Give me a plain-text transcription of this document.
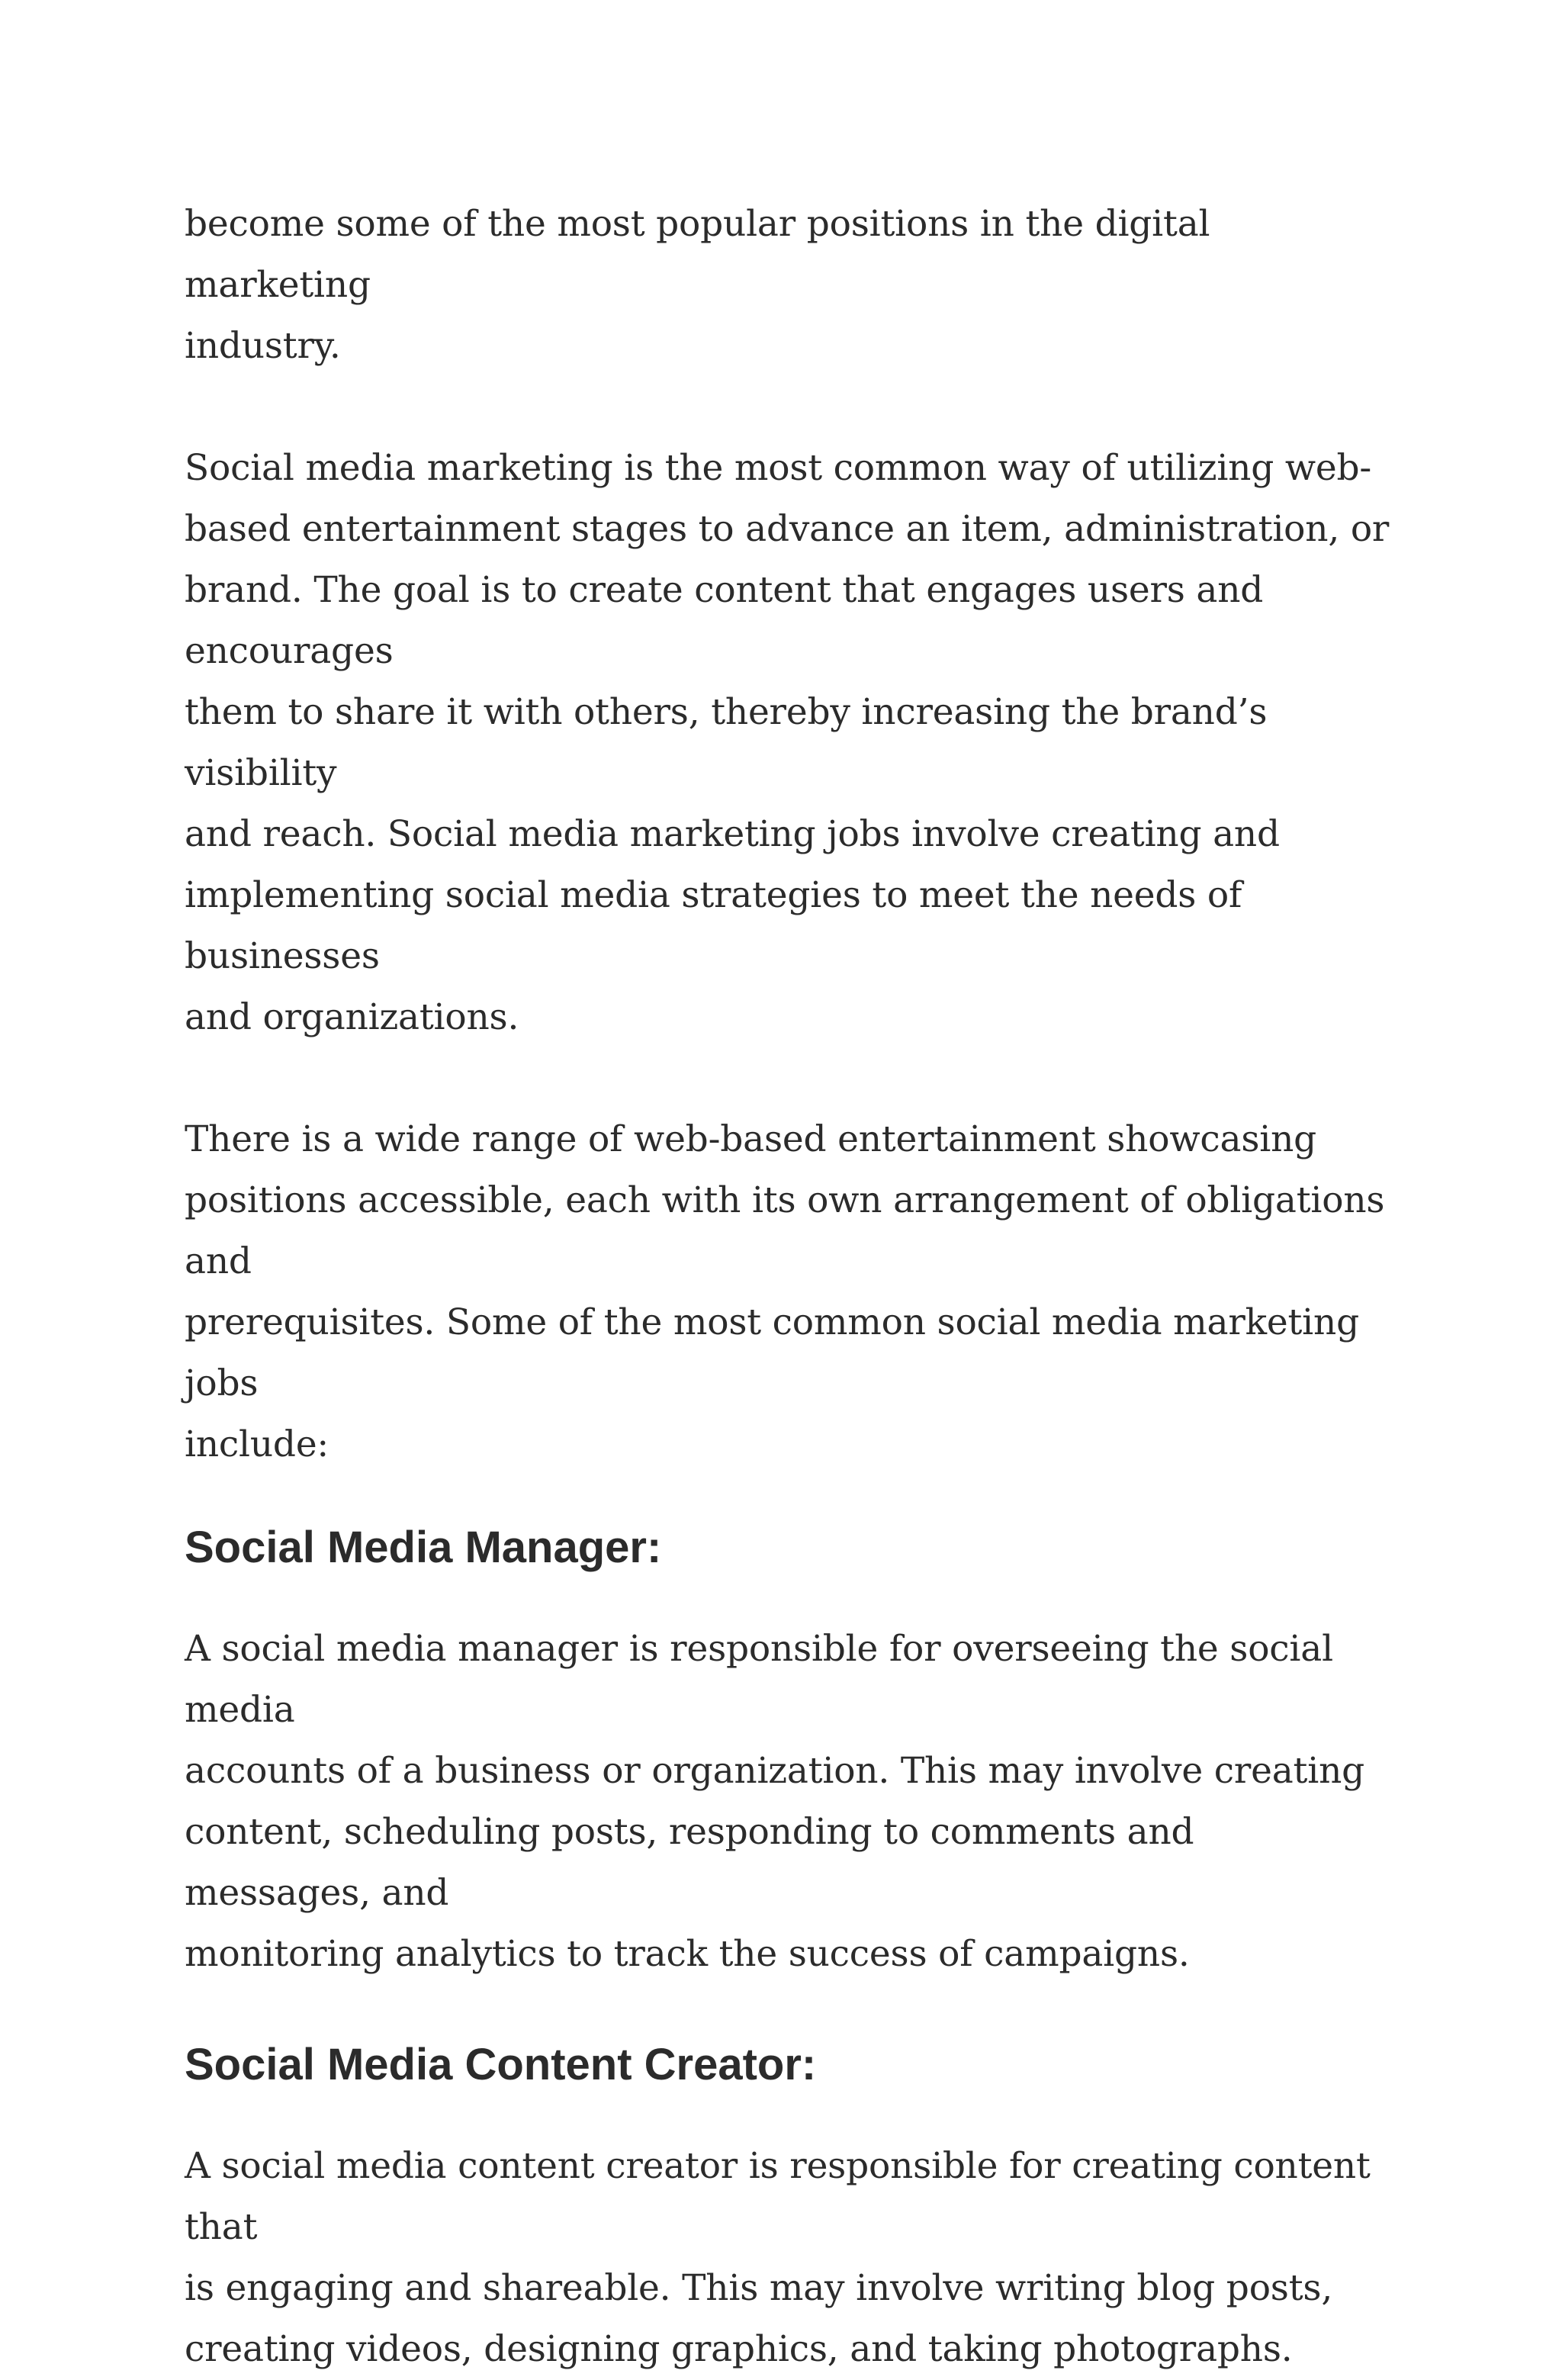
become some of the most popular positions in the digital marketing
industry.

Social media marketing is the most common way of utilizing web-
based entertainment stages to advance an item, administration, or
brand. The goal is to create content that engages users and encourages
them to share it with others, thereby increasing the brand’s visibility
and reach. Social media marketing jobs involve creating and
implementing social media strategies to meet the needs of businesses
and organizations.

There is a wide range of web-based entertainment showcasing
positions accessible, each with its own arrangement of obligations and
prerequisites. Some of the most common social media marketing jobs
include:

Social Media Manager:

A social media manager is responsible for overseeing the social media
accounts of a business or organization. This may involve creating
content, scheduling posts, responding to comments and messages, and
monitoring analytics to track the success of campaigns.

Social Media Content Creator:

A social media content creator is responsible for creating content that
is engaging and shareable. This may involve writing blog posts,
creating videos, designing graphics, and taking photographs.
